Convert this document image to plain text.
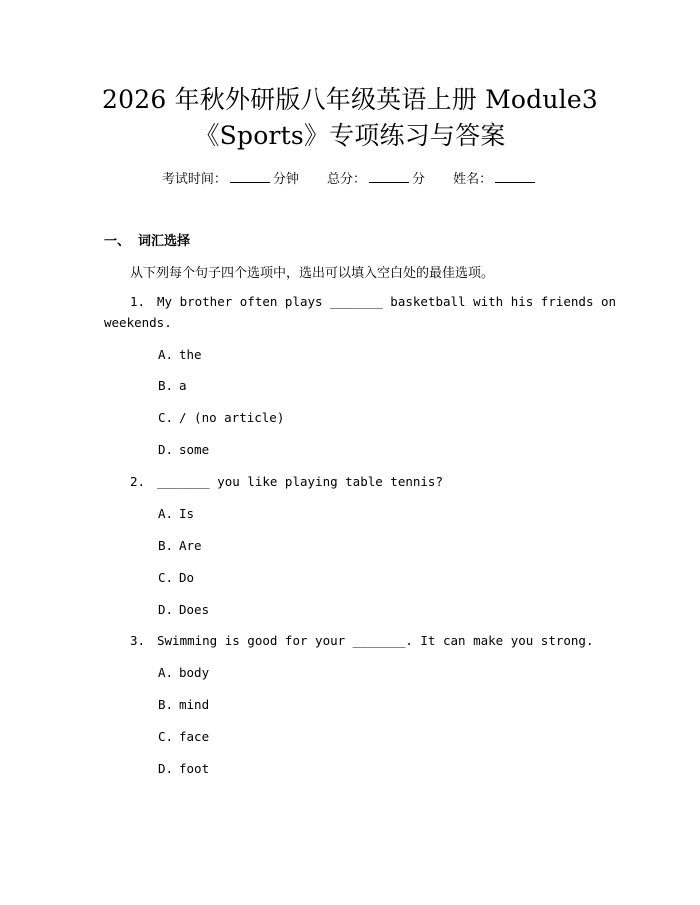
2026 年秋外研版八年级英语上册 Module3
《Sports》专项练习与答案
考试时间：	分钟 总分：	分 姓名：
一、 词汇选择
从下列每个句子四个选项中，选出可以填入空白处的最佳选项。
1. My brother often plays _______ basketball with his friends on
weekends.
A. the
B. a
C. / (no article)
D. some
2. _______ you like playing table tennis?
A. Is
B. Are
C. Do
D. Does
3. Swimming is good for your _______. It can make you strong.
A. body
B. mind
C. face
D. foot
